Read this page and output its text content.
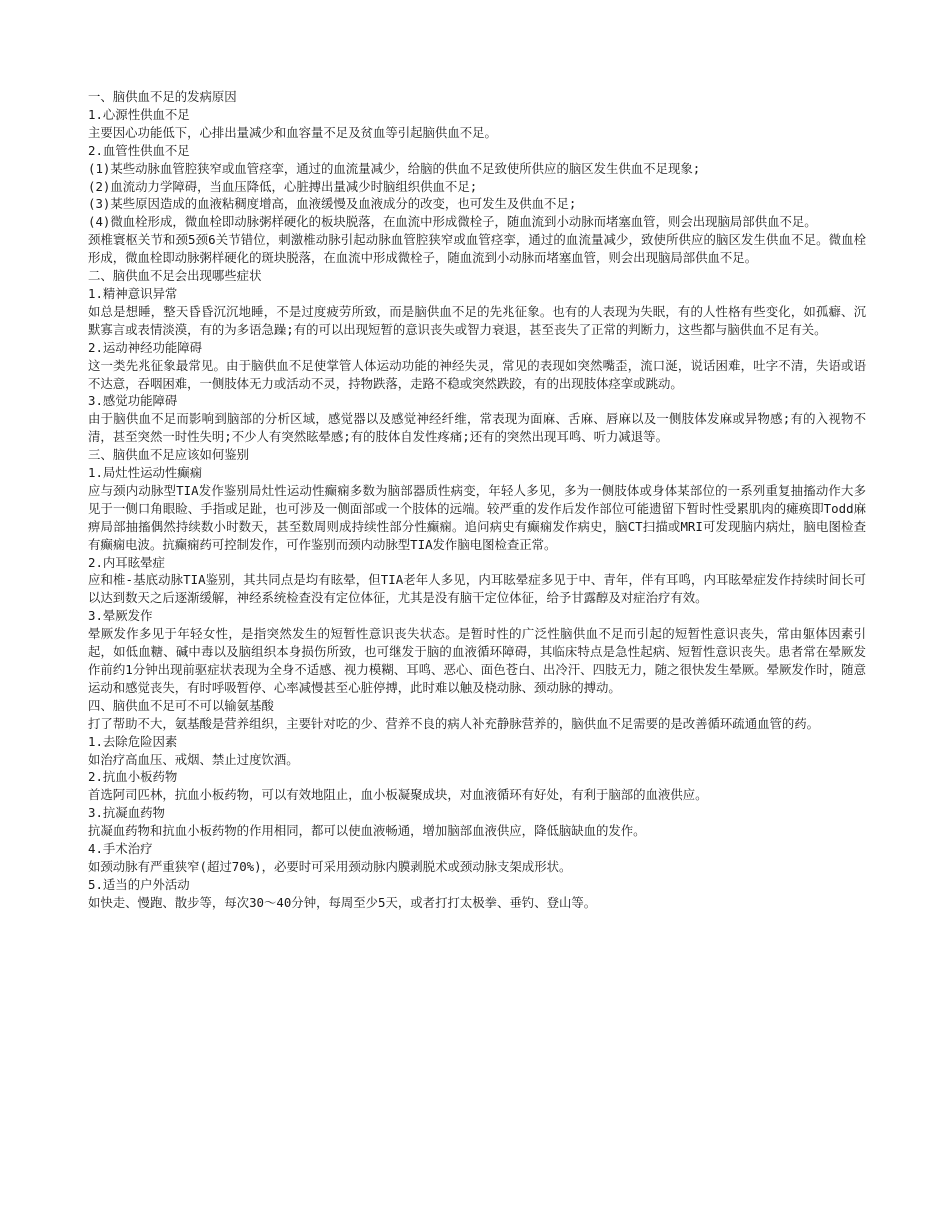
一、脑供血不足的发病原因

1.心源性供血不足

主要因心功能低下，心排出量减少和血容量不足及贫血等引起脑供血不足。

2.血管性供血不足

(1)某些动脉血管腔狭窄或血管痉挛，通过的血流量减少，给脑的供血不足致使所供应的脑区发生供血不足现象;

(2)血流动力学障碍，当血压降低，心脏搏出量减少时脑组织供血不足;

(3)某些原因造成的血液粘稠度增高，血液缓慢及血液成分的改变，也可发生及供血不足;

(4)微血栓形成，微血栓即动脉粥样硬化的板块脱落，在血流中形成微栓子，随血流到小动脉而堵塞血管，则会出现脑局部供血不足。

颈椎寰枢关节和颈5颈6关节错位，刺激椎动脉引起动脉血管腔狭窄或血管痉挛，通过的血流量减少，致使所供应的脑区发生供血不足。微血栓形成，微血栓即动脉粥样硬化的斑块脱落，在血流中形成微栓子，随血流到小动脉而堵塞血管，则会出现脑局部供血不足。

二、脑供血不足会出现哪些症状

1.精神意识异常

如总是想睡，整天昏昏沉沉地睡，不是过度疲劳所致，而是脑供血不足的先兆征象。也有的人表现为失眠，有的人性格有些变化，如孤癖、沉默寡言或表情淡漠，有的为多语急躁;有的可以出现短暂的意识丧失或智力衰退，甚至丧失了正常的判断力，这些都与脑供血不足有关。

2.运动神经功能障碍

这一类先兆征象最常见。由于脑供血不足使掌管人体运动功能的神经失灵，常见的表现如突然嘴歪，流口涎，说话困难，吐字不清，失语或语不达意，吞咽困难，一侧肢体无力或活动不灵，持物跌落，走路不稳或突然跌跤，有的出现肢体痉挛或跳动。

3.感觉功能障碍

由于脑供血不足而影响到脑部的分析区域，感觉器以及感觉神经纤维，常表现为面麻、舌麻、唇麻以及一侧肢体发麻或异物感;有的入视物不清，甚至突然一时性失明;不少人有突然眩晕感;有的肢体自发性疼痛;还有的突然出现耳鸣、听力减退等。

三、脑供血不足应该如何鉴别

1.局灶性运动性癫痫

应与颈内动脉型TIA发作鉴别局灶性运动性癫痫多数为脑部器质性病变，年轻人多见，多为一侧肢体或身体某部位的一系列重复抽搐动作大多见于一侧口角眼睑、手指或足趾，也可涉及一侧面部或一个肢体的远端。较严重的发作后发作部位可能遗留下暂时性受累肌肉的瘫痪即Todd麻痹局部抽搐偶然持续数小时数天，甚至数周则成持续性部分性癫痫。追问病史有癫痫发作病史，脑CT扫描或MRI可发现脑内病灶，脑电图检查有癫痫电波。抗癫痫药可控制发作，可作鉴别而颈内动脉型TIA发作脑电图检查正常。

2.内耳眩晕症

应和椎-基底动脉TIA鉴别，其共同点是均有眩晕，但TIA老年人多见，内耳眩晕症多见于中、青年，伴有耳鸣，内耳眩晕症发作持续时间长可以达到数天之后逐渐缓解，神经系统检查没有定位体征，尤其是没有脑干定位体征，给予甘露醇及对症治疗有效。

3.晕厥发作

晕厥发作多见于年轻女性，是指突然发生的短暂性意识丧失状态。是暂时性的广泛性脑供血不足而引起的短暂性意识丧失，常由躯体因素引起，如低血糖、碱中毒以及脑组织本身损伤所致，也可继发于脑的血液循环障碍，其临床特点是急性起病、短暂性意识丧失。患者常在晕厥发作前约1分钟出现前驱症状表现为全身不适感、视力模糊、耳鸣、恶心、面色苍白、出冷汗、四肢无力，随之很快发生晕厥。晕厥发作时，随意运动和感觉丧失，有时呼吸暂停、心率减慢甚至心脏停搏，此时难以触及桡动脉、颈动脉的搏动。

四、脑供血不足可不可以输氨基酸

打了帮助不大，氨基酸是营养组织，主要针对吃的少、营养不良的病人补充静脉营养的，脑供血不足需要的是改善循环疏通血管的药。

1.去除危险因素

如治疗高血压、戒烟、禁止过度饮酒。

2.抗血小板药物

首选阿司匹林，抗血小板药物，可以有效地阻止，血小板凝聚成块，对血液循环有好处，有利于脑部的血液供应。

3.抗凝血药物

抗凝血药物和抗血小板药物的作用相同，都可以使血液畅通，增加脑部血液供应，降低脑缺血的发作。

4.手术治疗

如颈动脉有严重狭窄(超过70%)，必要时可采用颈动脉内膜剥脱术或颈动脉支架成形状。

5.适当的户外活动

如快走、慢跑、散步等，每次30～40分钟，每周至少5天，或者打打太极拳、垂钓、登山等。
